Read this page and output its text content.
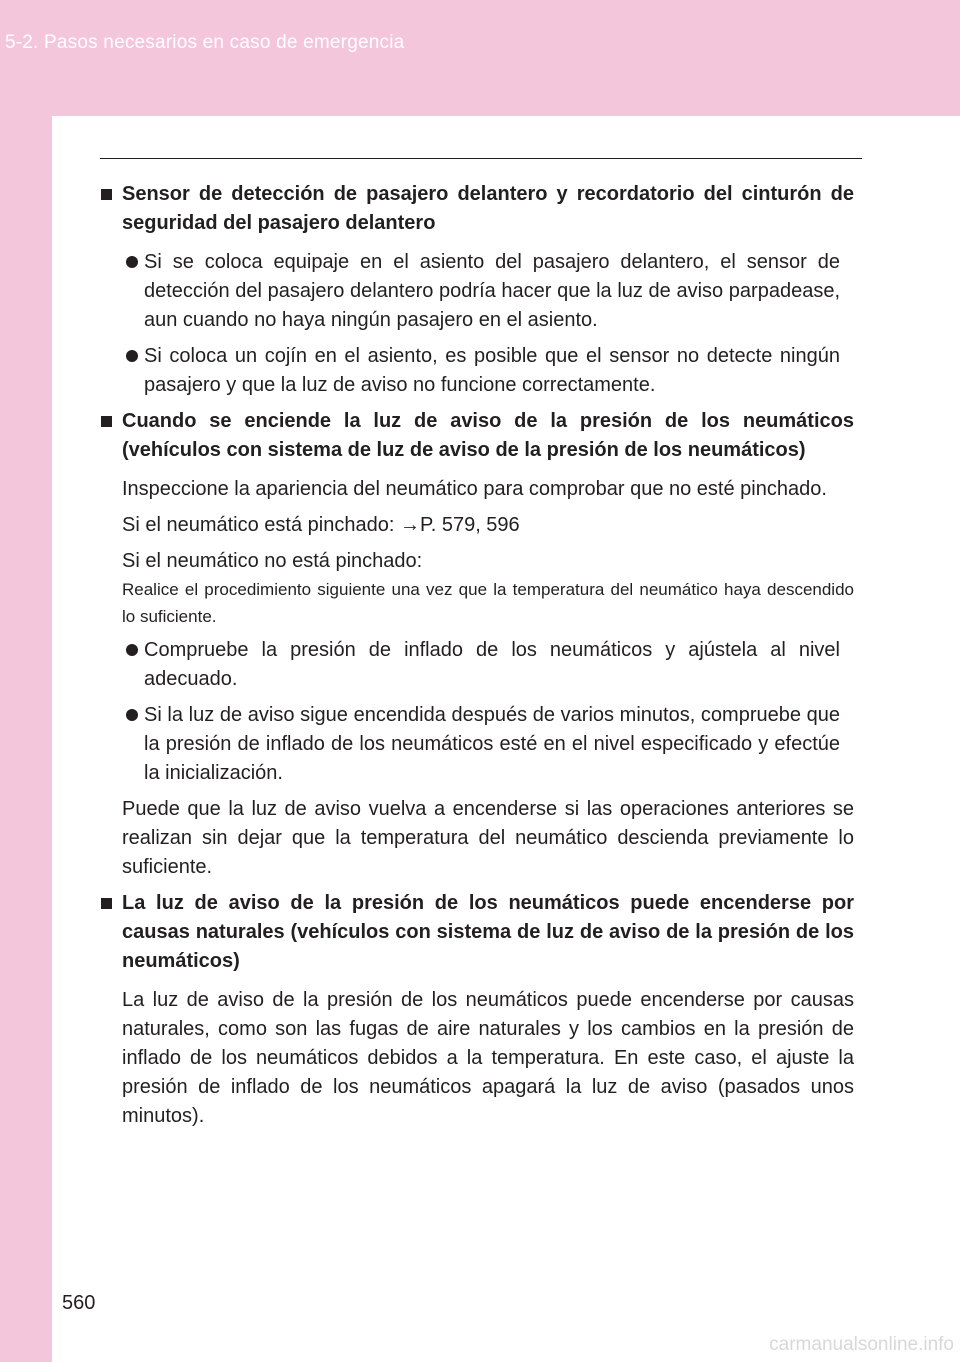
5-2. Pasos necesarios en caso de emergencia
Sensor de detección de pasajero delantero y recordatorio del cinturón de seguridad del pasajero delantero
Si se coloca equipaje en el asiento del pasajero delantero, el sensor de detección del pasajero delantero podría hacer que la luz de aviso parpadease, aun cuando no haya ningún pasajero en el asiento.
Si coloca un cojín en el asiento, es posible que el sensor no detecte ningún pasajero y que la luz de aviso no funcione correctamente.
Cuando se enciende la luz de aviso de la presión de los neumáticos (vehículos con sistema de luz de aviso de la presión de los neumáticos)
Inspeccione la apariencia del neumático para comprobar que no esté pinchado.
Si el neumático está pinchado: →P. 579, 596
Si el neumático no está pinchado:
Realice el procedimiento siguiente una vez que la temperatura del neumático haya descendido lo suficiente.
Compruebe la presión de inflado de los neumáticos y ajústela al nivel adecuado.
Si la luz de aviso sigue encendida después de varios minutos, compruebe que la presión de inflado de los neumáticos esté en el nivel especificado y efectúe la inicialización.
Puede que la luz de aviso vuelva a encenderse si las operaciones anteriores se realizan sin dejar que la temperatura del neumático descienda previamente lo suficiente.
La luz de aviso de la presión de los neumáticos puede encenderse por causas naturales (vehículos con sistema de luz de aviso de la presión de los neumáticos)
La luz de aviso de la presión de los neumáticos puede encenderse por causas naturales, como son las fugas de aire naturales y los cambios en la presión de inflado de los neumáticos debidos a la temperatura. En este caso, el ajuste la presión de inflado de los neumáticos apagará la luz de aviso (pasados unos minutos).
560
carmanualsonline.info
